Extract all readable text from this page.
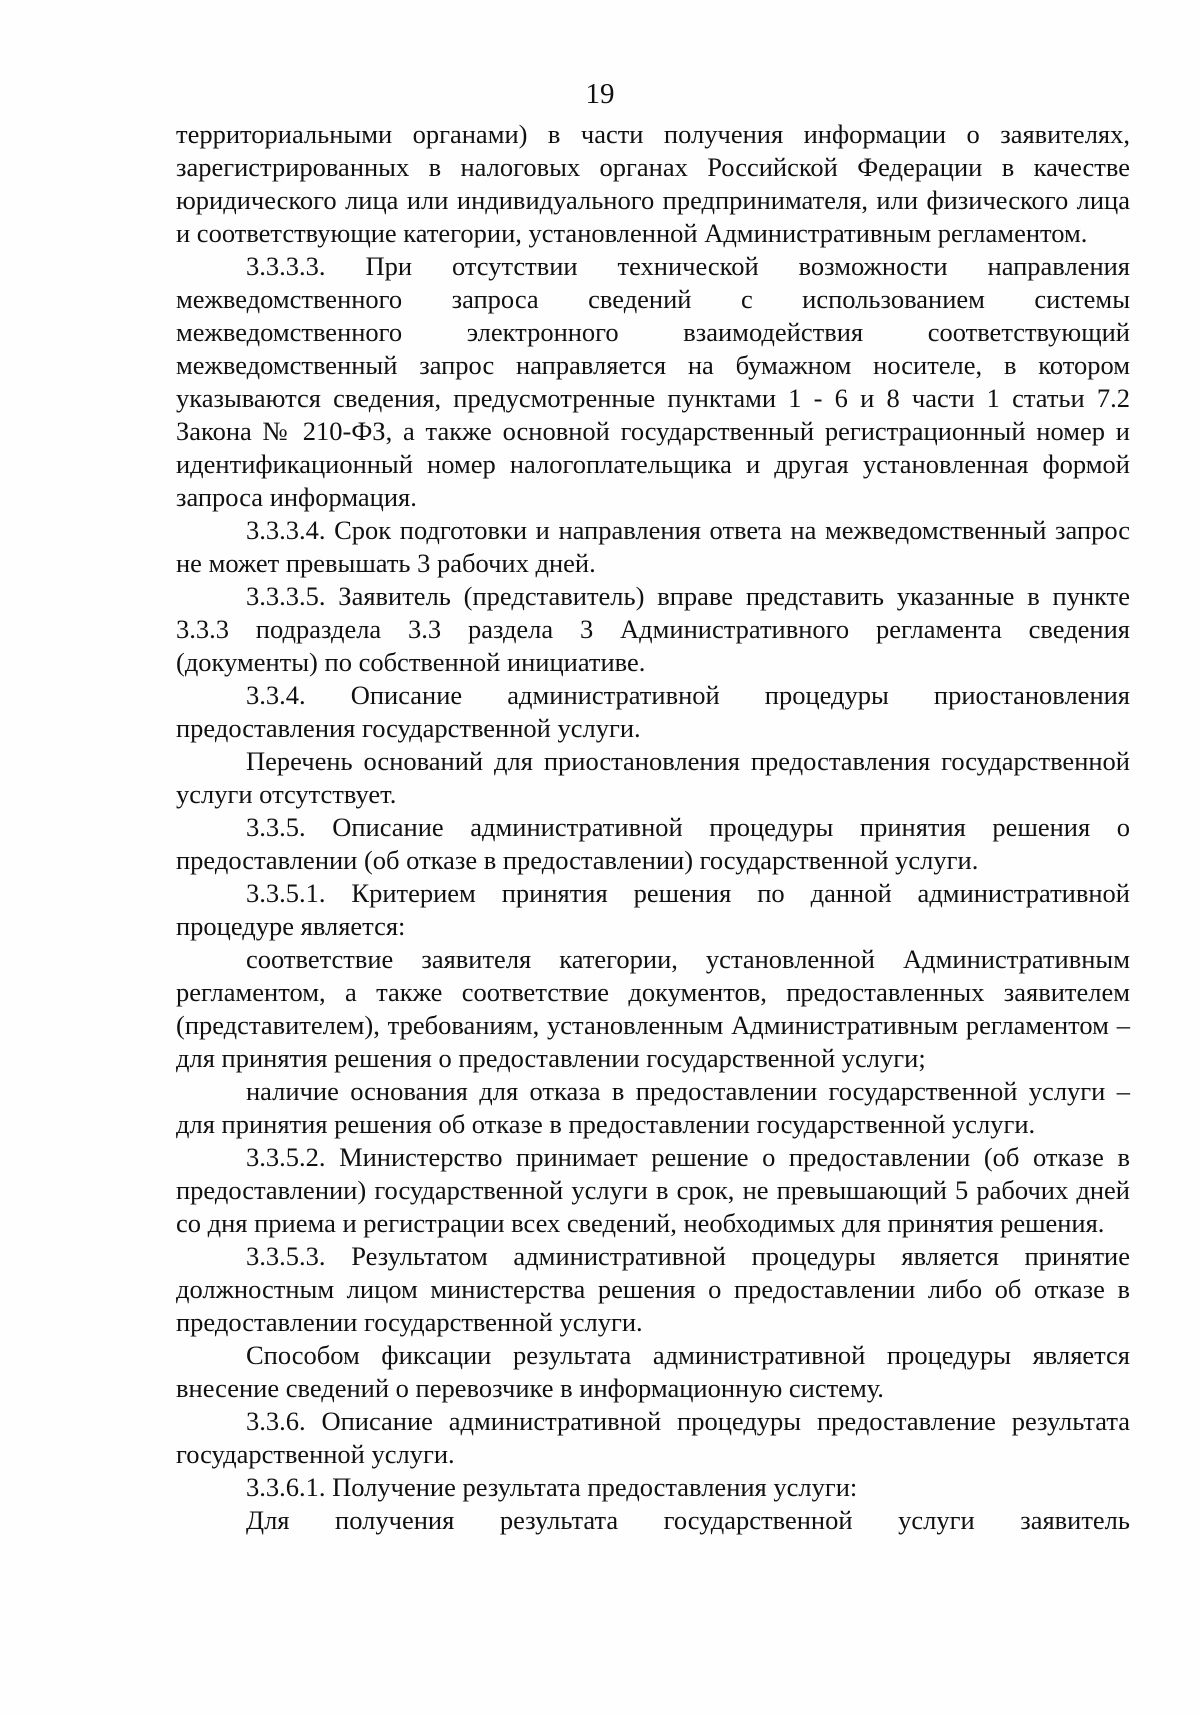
19

территориальными органами) в части получения информации о заявителях, зарегистрированных в налоговых органах Российской Федерации в качестве юридического лица или индивидуального предпринимателя, или физического лица и соответствующие категории, установленной Административным регламентом.

3.3.3.3. При отсутствии технической возможности направления межведомственного запроса сведений с использованием системы межведомственного электронного взаимодействия соответствующий межведомственный запрос направляется на бумажном носителе, в котором указываются сведения, предусмотренные пунктами 1 - 6 и 8 части 1 статьи 7.2 Закона № 210-ФЗ, а также основной государственный регистрационный номер и идентификационный номер налогоплательщика и другая установленная формой запроса информация.

3.3.3.4. Срок подготовки и направления ответа на межведомственный запрос не может превышать 3 рабочих дней.

3.3.3.5. Заявитель (представитель) вправе представить указанные в пункте 3.3.3 подраздела 3.3 раздела 3 Административного регламента сведения (документы) по собственной инициативе.

3.3.4. Описание административной процедуры приостановления предоставления государственной услуги.

Перечень оснований для приостановления предоставления государственной услуги отсутствует.

3.3.5. Описание административной процедуры принятия решения о предоставлении (об отказе в предоставлении) государственной услуги.

3.3.5.1. Критерием принятия решения по данной административной процедуре является:

соответствие заявителя категории, установленной Административным регламентом, а также соответствие документов, предоставленных заявителем (представителем), требованиям, установленным Административным регламентом – для принятия решения о предоставлении государственной услуги;

наличие основания для отказа в предоставлении государственной услуги – для принятия решения об отказе в предоставлении государственной услуги.

3.3.5.2. Министерство принимает решение о предоставлении (об отказе в предоставлении) государственной услуги в срок, не превышающий 5 рабочих дней со дня приема и регистрации всех сведений, необходимых для принятия решения.

3.3.5.3. Результатом административной процедуры является принятие должностным лицом министерства решения о предоставлении либо об отказе в предоставлении государственной услуги.

Способом фиксации результата административной процедуры является внесение сведений о перевозчике в информационную систему.

3.3.6. Описание административной процедуры предоставление результата государственной услуги.

3.3.6.1. Получение результата предоставления услуги:

Для получения результата государственной услуги заявитель
